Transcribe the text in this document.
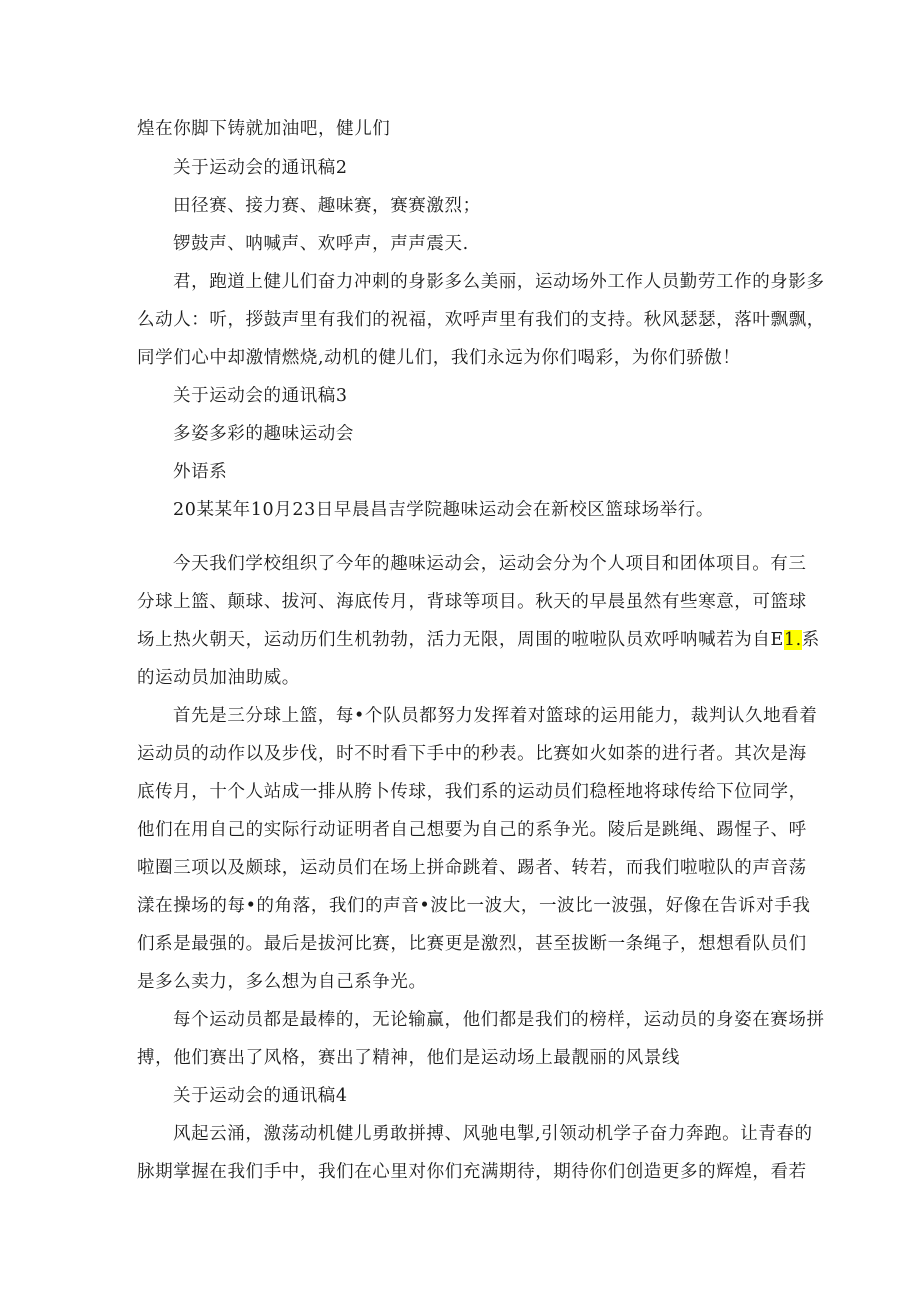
煌在你脚下铸就加油吧，健儿们
关于运动会的通讯稿2
田径赛、接力赛、趣味赛，赛赛激烈；
锣鼓声、呐喊声、欢呼声，声声震天.
君，跑道上健儿们奋力冲刺的身影多么美丽，运动场外工作人员勤劳工作的身影多
么动人：听，拶鼓声里有我们的祝福，欢呼声里有我们的支持。秋风瑟瑟，落叶飘飘，
同学们心中却激情燃烧,动机的健儿们，我们永远为你们喝彩，为你们骄傲！
关于运动会的通讯稿3
多姿多彩的趣味运动会
外语系
20某某年10月23日早晨昌吉学院趣味运动会在新校区篮球场举行。
今天我们学校组织了今年的趣味运动会，运动会分为个人项目和团体项目。有三
分球上篮、颠球、拔河、海底传月，背球等项目。秋天的早晨虽然有些寒意，可篮球
场上热火朝天，运动历们生机勃勃，活力无限，周围的啦啦队员欢呼呐喊若为自E1.系
的运动员加油助威。
首先是三分球上篮，每•个队员都努力发挥着对篮球的运用能力，裁判认久地看着
运动员的动作以及步伐，时不时看下手中的秒表。比赛如火如荼的进行者。其次是海
底传月，十个人站成一排从胯卜传球，我们系的运动员们稳桎地将球传给下位同学，
他们在用自己的实际行动证明者自己想要为自己的系争光。陵后是跳绳、踢惺子、呼
啦圈三项以及颇球，运动员们在场上拼命跳着、踢者、转若，而我们啦啦队的声音荡
漾在操场的每•的角落，我们的声音•波比一波大，一波比一波强，好像在告诉对手我
们系是最强的。最后是拔河比赛，比赛更是激烈，甚至拔断一条绳子，想想看队员们
是多么卖力，多么想为自己系争光。
每个运动员都是最棒的，无论输赢，他们都是我们的榜样，运动员的身姿在赛场拼
搏，他们赛出了风格，赛出了精神，他们是运动场上最靓丽的风景线
关于运动会的通讯稿4
风起云涌，激荡动机健儿勇敢拼搏、风驰电掣,引领动机学子奋力奔跑。让青春的
脉期掌握在我们手中，我们在心里对你们充满期待，期待你们创造更多的辉煌，看若
